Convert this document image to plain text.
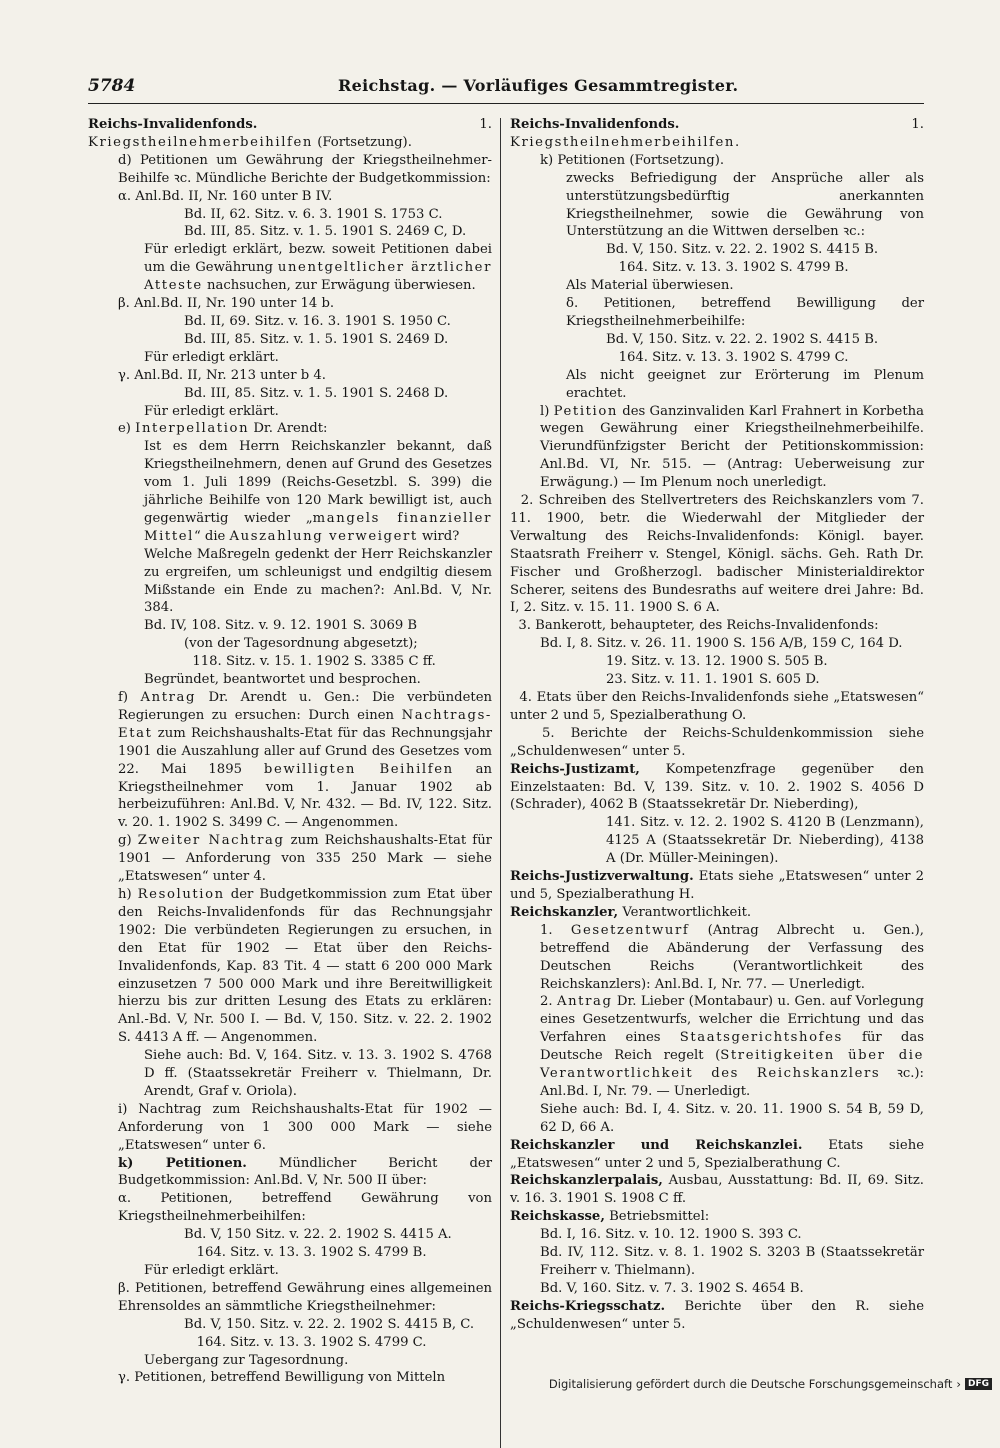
5784	Reichstag. — Vorläufiges Gesammtregister.

Reichs-Invalidenfonds. 1. Kriegstheilnehmerbeihilfen (Fortsetzung).

d) Petitionen um Gewährung der Kriegstheilnehmer-Beihilfe ꝛc. Mündliche Berichte der Budgetkommission:

α. Anl.Bd. II, Nr. 160 unter B IV.

Bd. II, 62. Sitz. v. 6. 3. 1901 S. 1753 C.

Bd. III, 85. Sitz. v. 1. 5. 1901 S. 2469 C, D.

Für erledigt erklärt, bezw. soweit Petitionen dabei um die Gewährung unentgeltlicher ärztlicher Atteste nachsuchen, zur Erwägung überwiesen.

β. Anl.Bd. II, Nr. 190 unter 14 b.

Bd. II, 69. Sitz. v. 16. 3. 1901 S. 1950 C.

Bd. III, 85. Sitz. v. 1. 5. 1901 S. 2469 D.

Für erledigt erklärt.

γ. Anl.Bd. II, Nr. 213 unter b 4.

Bd. III, 85. Sitz. v. 1. 5. 1901 S. 2468 D.

Für erledigt erklärt.

e) Interpellation Dr. Arendt:

Ist es dem Herrn Reichskanzler bekannt, daß Kriegstheilnehmern, denen auf Grund des Gesetzes vom 1. Juli 1899 (Reichs-Gesetzbl. S. 399) die jährliche Beihilfe von 120 Mark bewilligt ist, auch gegenwärtig wieder „mangels finanzieller Mittel“ die Auszahlung verweigert wird?

Welche Maßregeln gedenkt der Herr Reichskanzler zu ergreifen, um schleunigst und endgiltig diesem Mißstande ein Ende zu machen?: Anl.Bd. V, Nr. 384.

Bd. IV, 108. Sitz. v. 9. 12. 1901 S. 3069 B

(von der Tagesordnung abgesetzt);

118. Sitz. v. 15. 1. 1902 S. 3385 C ff.

Begründet, beantwortet und besprochen.

f) Antrag Dr. Arendt u. Gen.: Die verbündeten Regierungen zu ersuchen: Durch einen Nachtrags-Etat zum Reichshaushalts-Etat für das Rechnungsjahr 1901 die Auszahlung aller auf Grund des Gesetzes vom 22. Mai 1895 bewilligten Beihilfen an Kriegstheilnehmer vom 1. Januar 1902 ab herbeizuführen: Anl.Bd. V, Nr. 432. — Bd. IV, 122. Sitz. v. 20. 1. 1902 S. 3499 C. — Angenommen.

g) Zweiter Nachtrag zum Reichshaushalts-Etat für 1901 — Anforderung von 335 250 Mark — siehe „Etatswesen“ unter 4.

h) Resolution der Budgetkommission zum Etat über den Reichs-Invalidenfonds für das Rechnungsjahr 1902: Die verbündeten Regierungen zu ersuchen, in den Etat für 1902 — Etat über den Reichs-Invalidenfonds, Kap. 83 Tit. 4 — statt 6 200 000 Mark einzusetzen 7 500 000 Mark und ihre Bereitwilligkeit hierzu bis zur dritten Lesung des Etats zu erklären: Anl.-Bd. V, Nr. 500 I. — Bd. V, 150. Sitz. v. 22. 2. 1902 S. 4413 A ff. — Angenommen.

Siehe auch: Bd. V, 164. Sitz. v. 13. 3. 1902 S. 4768 D ff. (Staatssekretär Freiherr v. Thielmann, Dr. Arendt, Graf v. Oriola).

i) Nachtrag zum Reichshaushalts-Etat für 1902 — Anforderung von 1 300 000 Mark — siehe „Etatswesen“ unter 6.

k) Petitionen. Mündlicher Bericht der Budgetkommission: Anl.Bd. V, Nr. 500 II über:

α. Petitionen, betreffend Gewährung von Kriegstheilnehmerbeihilfen:

Bd. V, 150 Sitz. v. 22. 2. 1902 S. 4415 A.

164. Sitz. v. 13. 3. 1902 S. 4799 B.

Für erledigt erklärt.

β. Petitionen, betreffend Gewährung eines allgemeinen Ehrensoldes an sämmtliche Kriegstheilnehmer:

Bd. V, 150. Sitz. v. 22. 2. 1902 S. 4415 B, C.

164. Sitz. v. 13. 3. 1902 S. 4799 C.

Uebergang zur Tagesordnung.

γ. Petitionen, betreffend Bewilligung von Mitteln

Reichs-Invalidenfonds. 1. Kriegstheilnehmerbeihilfen.

k) Petitionen (Fortsetzung).

zwecks Befriedigung der Ansprüche aller als unterstützungsbedürftig anerkannten Kriegstheilnehmer, sowie die Gewährung von Unterstützung an die Wittwen derselben ꝛc.:

Bd. V, 150. Sitz. v. 22. 2. 1902 S. 4415 B.

164. Sitz. v. 13. 3. 1902 S. 4799 B.

Als Material überwiesen.

δ. Petitionen, betreffend Bewilligung der Kriegstheilnehmerbeihilfe:

Bd. V, 150. Sitz. v. 22. 2. 1902 S. 4415 B.

164. Sitz. v. 13. 3. 1902 S. 4799 C.

Als nicht geeignet zur Erörterung im Plenum erachtet.

l) Petition des Ganzinvaliden Karl Frahnert in Korbetha wegen Gewährung einer Kriegstheilnehmerbeihilfe. Vierundfünfzigster Bericht der Petitionskommission: Anl.Bd. VI, Nr. 515. — (Antrag: Ueberweisung zur Erwägung.) — Im Plenum noch unerledigt.

2. Schreiben des Stellvertreters des Reichskanzlers vom 7. 11. 1900, betr. die Wiederwahl der Mitglieder der Verwaltung des Reichs-Invalidenfonds: Königl. bayer. Staatsrath Freiherr v. Stengel, Königl. sächs. Geh. Rath Dr. Fischer und Großherzogl. badischer Ministerialdirektor Scherer, seitens des Bundesraths auf weitere drei Jahre: Bd. I, 2. Sitz. v. 15. 11. 1900 S. 6 A.

3. Bankerott, behaupteter, des Reichs-Invalidenfonds:

Bd. I, 8. Sitz. v. 26. 11. 1900 S. 156 A/B, 159 C, 164 D.

19. Sitz. v. 13. 12. 1900 S. 505 B.

23. Sitz. v. 11. 1. 1901 S. 605 D.

4. Etats über den Reichs-Invalidenfonds siehe „Etatswesen“ unter 2 und 5, Spezialberathung O.

5. Berichte der Reichs-Schuldenkommission siehe „Schuldenwesen“ unter 5.

Reichs-Justizamt, Kompetenzfrage gegenüber den Einzelstaaten: Bd. V, 139. Sitz. v. 10. 2. 1902 S. 4056 D (Schrader), 4062 B (Staatssekretär Dr. Nieberding),

141. Sitz. v. 12. 2. 1902 S. 4120 B (Lenzmann), 4125 A (Staatssekretär Dr. Nieberding), 4138 A (Dr. Müller-Meiningen).

Reichs-Justizverwaltung. Etats siehe „Etatswesen“ unter 2 und 5, Spezialberathung H.

Reichskanzler, Verantwortlichkeit.

1. Gesetzentwurf (Antrag Albrecht u. Gen.), betreffend die Abänderung der Verfassung des Deutschen Reichs (Verantwortlichkeit des Reichskanzlers): Anl.Bd. I, Nr. 77. — Unerledigt.

2. Antrag Dr. Lieber (Montabaur) u. Gen. auf Vorlegung eines Gesetzentwurfs, welcher die Errichtung und das Verfahren eines Staatsgerichtshofes für das Deutsche Reich regelt (Streitigkeiten über die Verantwortlichkeit des Reichskanzlers ꝛc.): Anl.Bd. I, Nr. 79. — Unerledigt.

Siehe auch: Bd. I, 4. Sitz. v. 20. 11. 1900 S. 54 B, 59 D, 62 D, 66 A.

Reichskanzler und Reichskanzlei. Etats siehe „Etatswesen“ unter 2 und 5, Spezialberathung C.

Reichskanzlerpalais, Ausbau, Ausstattung: Bd. II, 69. Sitz. v. 16. 3. 1901 S. 1908 C ff.

Reichskasse, Betriebsmittel:

Bd. I, 16. Sitz. v. 10. 12. 1900 S. 393 C.

Bd. IV, 112. Sitz. v. 8. 1. 1902 S. 3203 B (Staatssekretär Freiherr v. Thielmann).

Bd. V, 160. Sitz. v. 7. 3. 1902 S. 4654 B.

Reichs-Kriegsschatz. Berichte über den R. siehe „Schuldenwesen“ unter 5.

Digitalisierung gefördert durch die Deutsche Forschungsgemeinschaft › DFG
